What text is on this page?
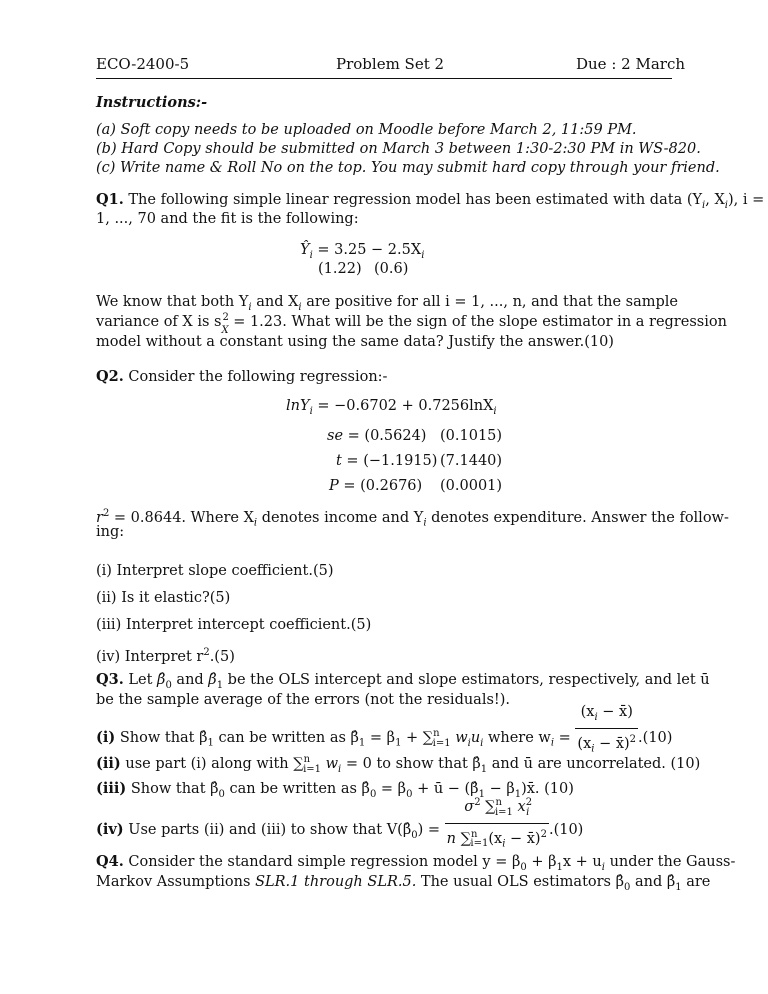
ECO-2400-5	Problem Set 2	Due : 2 March
Instructions:-
(a) Soft copy needs to be uploaded on Moodle before March 2, 11:59 PM.
(b) Hard Copy should be submitted on March 3 between 1:30-2:30 PM in WS-820.
(c) Write name & Roll No on the top. You may submit hard copy through your friend.
Q1. The following simple linear regression model has been estimated with data ($Y_i$, $X_i$), i =
1, ..., 70 and the fit is the following:
$Ŷ_i = 3.25 - 2.5X_i$
(1.22) (0.6)
We know that both $Y_i$ and $X_i$ are positive for all i = 1, ..., n, and that the sample
variance of X is s 2
$_X$ = 1.23. What will be the sign of the slope estimator in a regression
model without a constant using the same data? Justify the answer.(10)
Q2. Consider the following regression:-
lnY$_i$ = −0.6702 + 0.7256lnX$_i$
se = (0.5624) (0.1015)
t = (−1.1915) (7.1440)
P = (0.2676) (0.0001)
$r^2 = 0.8644$. Where $X_i$ denotes income and $Y_i$ denotes expenditure. Answer the follow-
ing:
(i) Interpret slope coefficient.(5)
(ii) Is it elastic?(5)
(iii) Interpret intercept coefficient.(5)
(iv) Interpret $r^2.(5)$
Q3. Let $\betâ_0$ and $\betâ_1$ be the OLS intercept and slope estimators, respectively, and let ū
be the sample average of the errors (not the residuals!).
(i) Show that $\betâ_1$ can be written as $\betâ_1 = \beta_1 + \sum^n_{i=1}$ $w_iu_i$ where $w_i = \frac{(x_i - x̄)}{(x_i - x̄)^2} .(10)$
(ii) use part (i) along with ∑$^n_{i=1}$ $w_i = 0$ to show that $\betâ_1$ and ū are uncorrelated. (10)
(iii) Show that $\betâ_0$ can be written as $\betâ_0 = \beta_0$ + ū − ($\betâ_1$ − $\beta_1)x̄$. (10)
(iv) Use parts (ii) and (iii) to show that $V(\betâ_0) = \frac{\sigma^2 \sum^n_{i=1} x^2_i}{n \sum^n_{i=1}(x_i - x̄)^2} .(10)$
Q4. Consider the standard simple regression model $y = \beta_0 + \beta_1x + u_i$ under the Gauss-
Markov Assumptions SLR.1 through SLR.5. The usual OLS estimators $\betâ_0$ and $\betâ_1$ are
